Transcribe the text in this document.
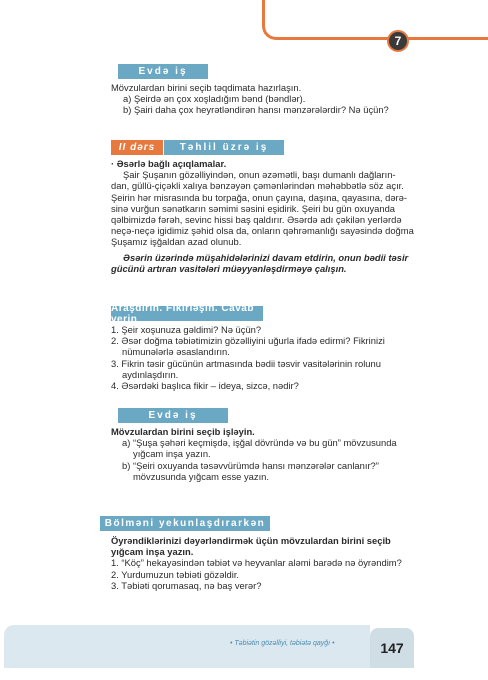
7
Evdə iş
Mövzulardan birini seçib təqdimata hazırlaşın.
a) Şeirdə ən çox xoşladığım bənd (bəndlər).
b) Şairi daha çox heyrətləndirən hansı mənzərələrdir? Nə üçün?
II dərs	Təhlil üzrə iş
· Əsərlə bağlı açıqlamalar.
Şair Şuşanın gözəlliyindən, onun əzəmətli, başı dumanlı dağların-
dan, güllü-çiçəkli xalıya bənzəyən çəmənlərindən məhəbbətlə söz açır.
Şeirin hər misrasında bu torpağa, onun çayına, daşına, qayasına, dərə-
sinə vurğun sənətkarın səmimi səsini eşidirik. Şeiri bu gün oxuyanda
qəlbimizdə fərəh, sevinc hissi baş qaldırır. Əsərdə adı çəkilən yerlərdə
neçə-neçə igidimiz şəhid olsa da, onların qəhrəmanlığı sayəsində doğma
Şuşamız işğaldan azad olunub.
Əsərin üzərində müşahidələrinizi davam etdirin, onun bədii təsir
gücünü artıran vasitələri müəyyənləşdirməyə çalışın.
Araşdırın. Fikirləşin. Cavab verin
1. Şeir xoşunuza gəldimi? Nə üçün?
2. Əsər doğma təbiətimizin gözəlliyini uğurla ifadə edirmi? Fikrinizi nümunələrlə əsaslandırın.
3. Fikrin təsir gücünün artmasında bədii təsvir vasitələrinin rolunu aydınlaşdırın.
4. Əsərdəki başlıca fikir – ideya, sizcə, nədir?
Evdə iş
Mövzulardan birini seçib işləyin.
a) “Şuşa şəhəri keçmişdə, işğal dövründə və bu gün” mövzusunda yığcam inşa yazın.
b) “Şeiri oxuyanda təsəvvürümdə hansı mənzərələr canlanır?” mövzusunda yığcam esse yazın.
Bölməni yekunlaşdırarkən
Öyrəndiklərinizi dəyərləndirmək üçün mövzulardan birini seçib yığcam inşa yazın.
1. “Köç” hekayəsindən təbiət və heyvanlar aləmi barədə nə öyrəndim?
2. Yurdumuzun təbiəti gözəldir.
3. Təbiəti qorumasaq, nə baş verər?
• Təbiətin gözəlliyi, təbiətə qayğı •	147
